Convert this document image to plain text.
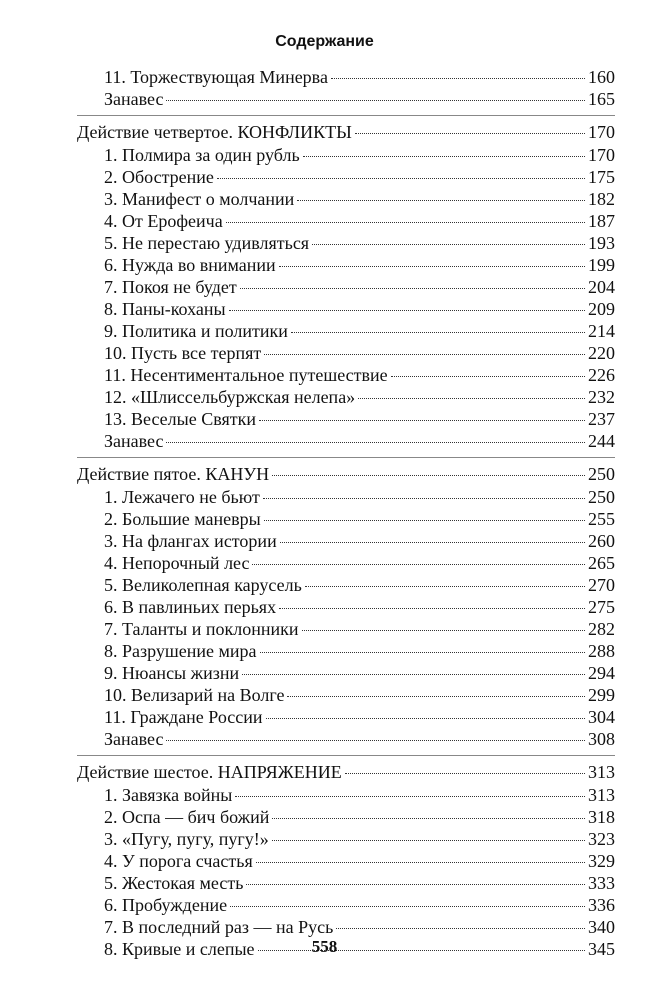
Содержание
11. Торжествующая Минерва	160
Занавес	165
Действие четвертое. КОНФЛИКТЫ	170
1. Полмира за один рубль	170
2. Обострение	175
3. Манифест о молчании	182
4. От Ерофеича	187
5. Не перестаю удивляться	193
6. Нужда во внимании	199
7. Покоя не будет	204
8. Паны-коханы	209
9. Политика и политики	214
10. Пусть все терпят	220
11. Несентиментальное путешествие	226
12. «Шлиссельбуржская нелепа»	232
13. Веселые Святки	237
Занавес	244
Действие пятое. КАНУН	250
1. Лежачего не бьют	250
2. Большие маневры	255
3. На флангах истории	260
4. Непорочный лес	265
5. Великолепная карусель	270
6. В павлиньих перьях	275
7. Таланты и поклонники	282
8. Разрушение мира	288
9. Нюансы жизни	294
10. Велизарий на Волге	299
11. Граждане России	304
Занавес	308
Действие шестое. НАПРЯЖЕНИЕ	313
1. Завязка войны	313
2. Оспа — бич божий	318
3. «Пугу, пугу, пугу!»	323
4. У порога счастья	329
5. Жестокая месть	333
6. Пробуждение	336
7. В последний раз — на Русь	340
8. Кривые и слепые	345
558
